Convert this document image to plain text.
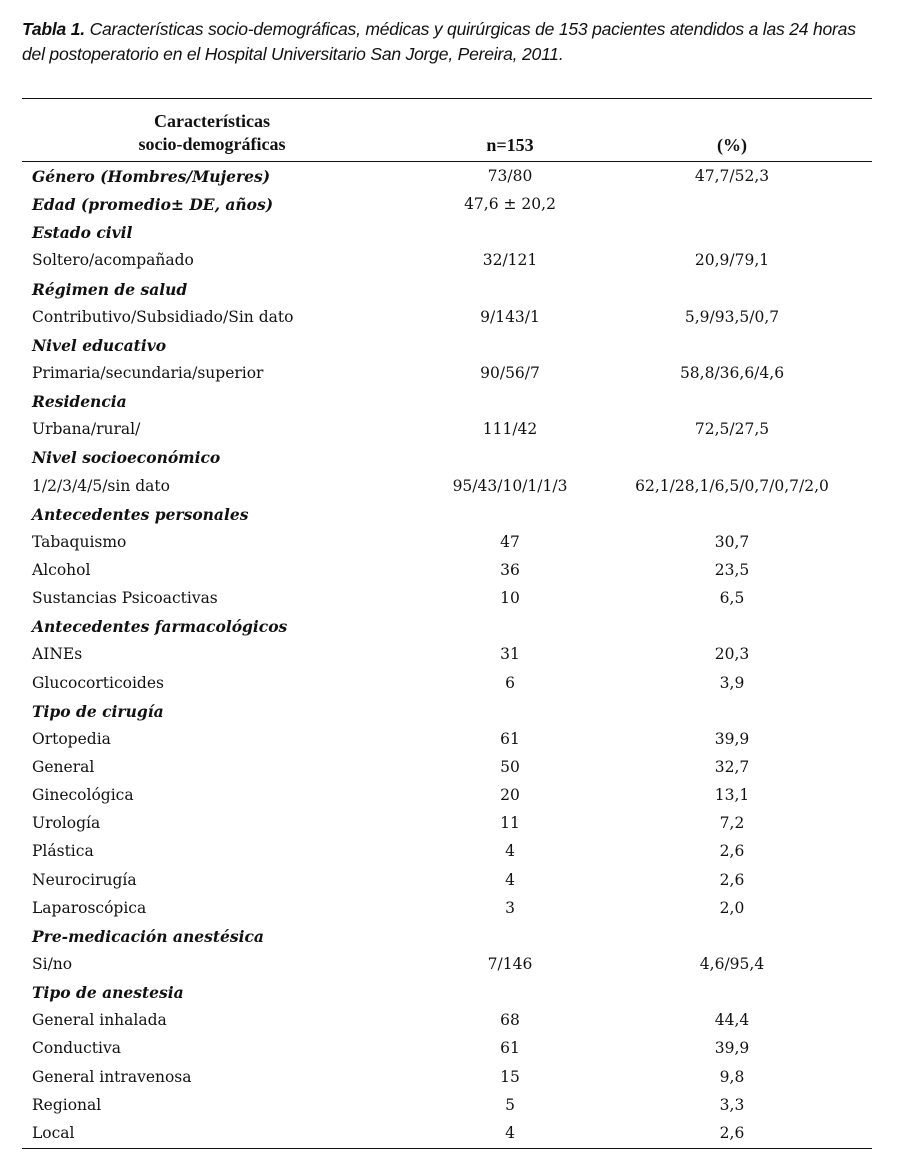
Tabla 1. Características socio-demográficas, médicas y quirúrgicas de 153 pacientes atendidos a las 24 horas del postoperatorio en el Hospital Universitario San Jorge, Pereira, 2011.
Características
socio-demográficas	n=153	(%)
Género (Hombres/Mujeres)	73/80	47,7/52,3
Edad (promedio± DE, años)	47,6 ± 20,2
Estado civil
Soltero/acompañado	32/121	20,9/79,1
Régimen de salud
Contributivo/Subsidiado/Sin dato	9/143/1	5,9/93,5/0,7
Nivel educativo
Primaria/secundaria/superior	90/56/7	58,8/36,6/4,6
Residencia
Urbana/rural/	111/42	72,5/27,5
Nivel socioeconómico
1/2/3/4/5/sin dato	95/43/10/1/1/3	62,1/28,1/6,5/0,7/0,7/2,0
Antecedentes personales
Tabaquismo	47	30,7
Alcohol	36	23,5
Sustancias Psicoactivas	10	6,5
Antecedentes farmacológicos
AINEs	31	20,3
Glucocorticoides	6	3,9
Tipo de cirugía
Ortopedia	61	39,9
General	50	32,7
Ginecológica	20	13,1
Urología	11	7,2
Plástica	4	2,6
Neurocirugía	4	2,6
Laparoscópica	3	2,0
Pre-medicación anestésica
Si/no	7/146	4,6/95,4
Tipo de anestesia
General inhalada	68	44,4
Conductiva	61	39,9
General intravenosa	15	9,8
Regional	5	3,3
Local	4	2,6
